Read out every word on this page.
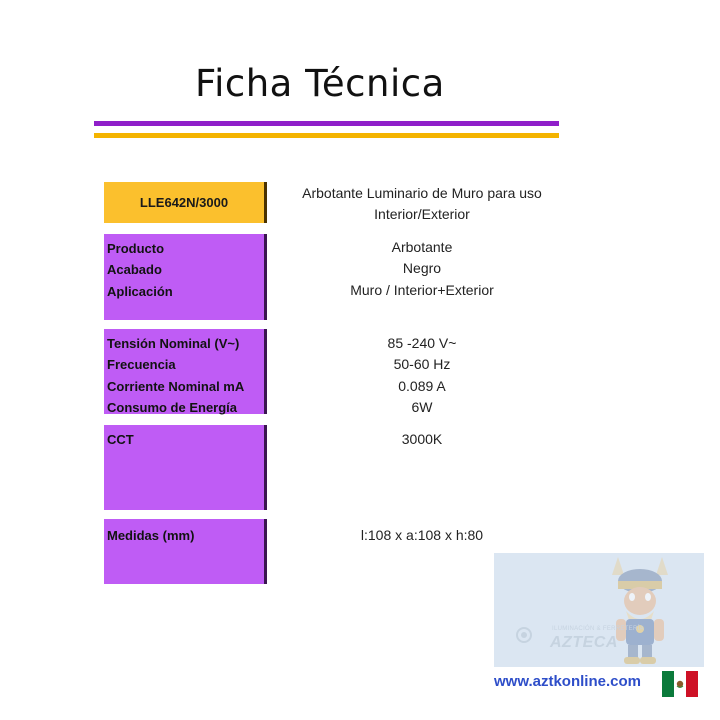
Ficha Técnica
LLE642N/3000
Arbotante Luminario de Muro para uso
Interior/Exterior
Producto
Acabado
Aplicación
Arbotante
Negro
Muro / Interior+Exterior
Tensión Nominal (V~)
Frecuencia
Corriente Nominal mA
Consumo de Energía
85 -240 V~
50-60 Hz
0.089 A
6W
CCT	3000K
Medidas (mm)	l:108 x a:108 x h:80
ILUMINACIÓN & FERRETERÍA
AZTECA
www.aztkonline.com
